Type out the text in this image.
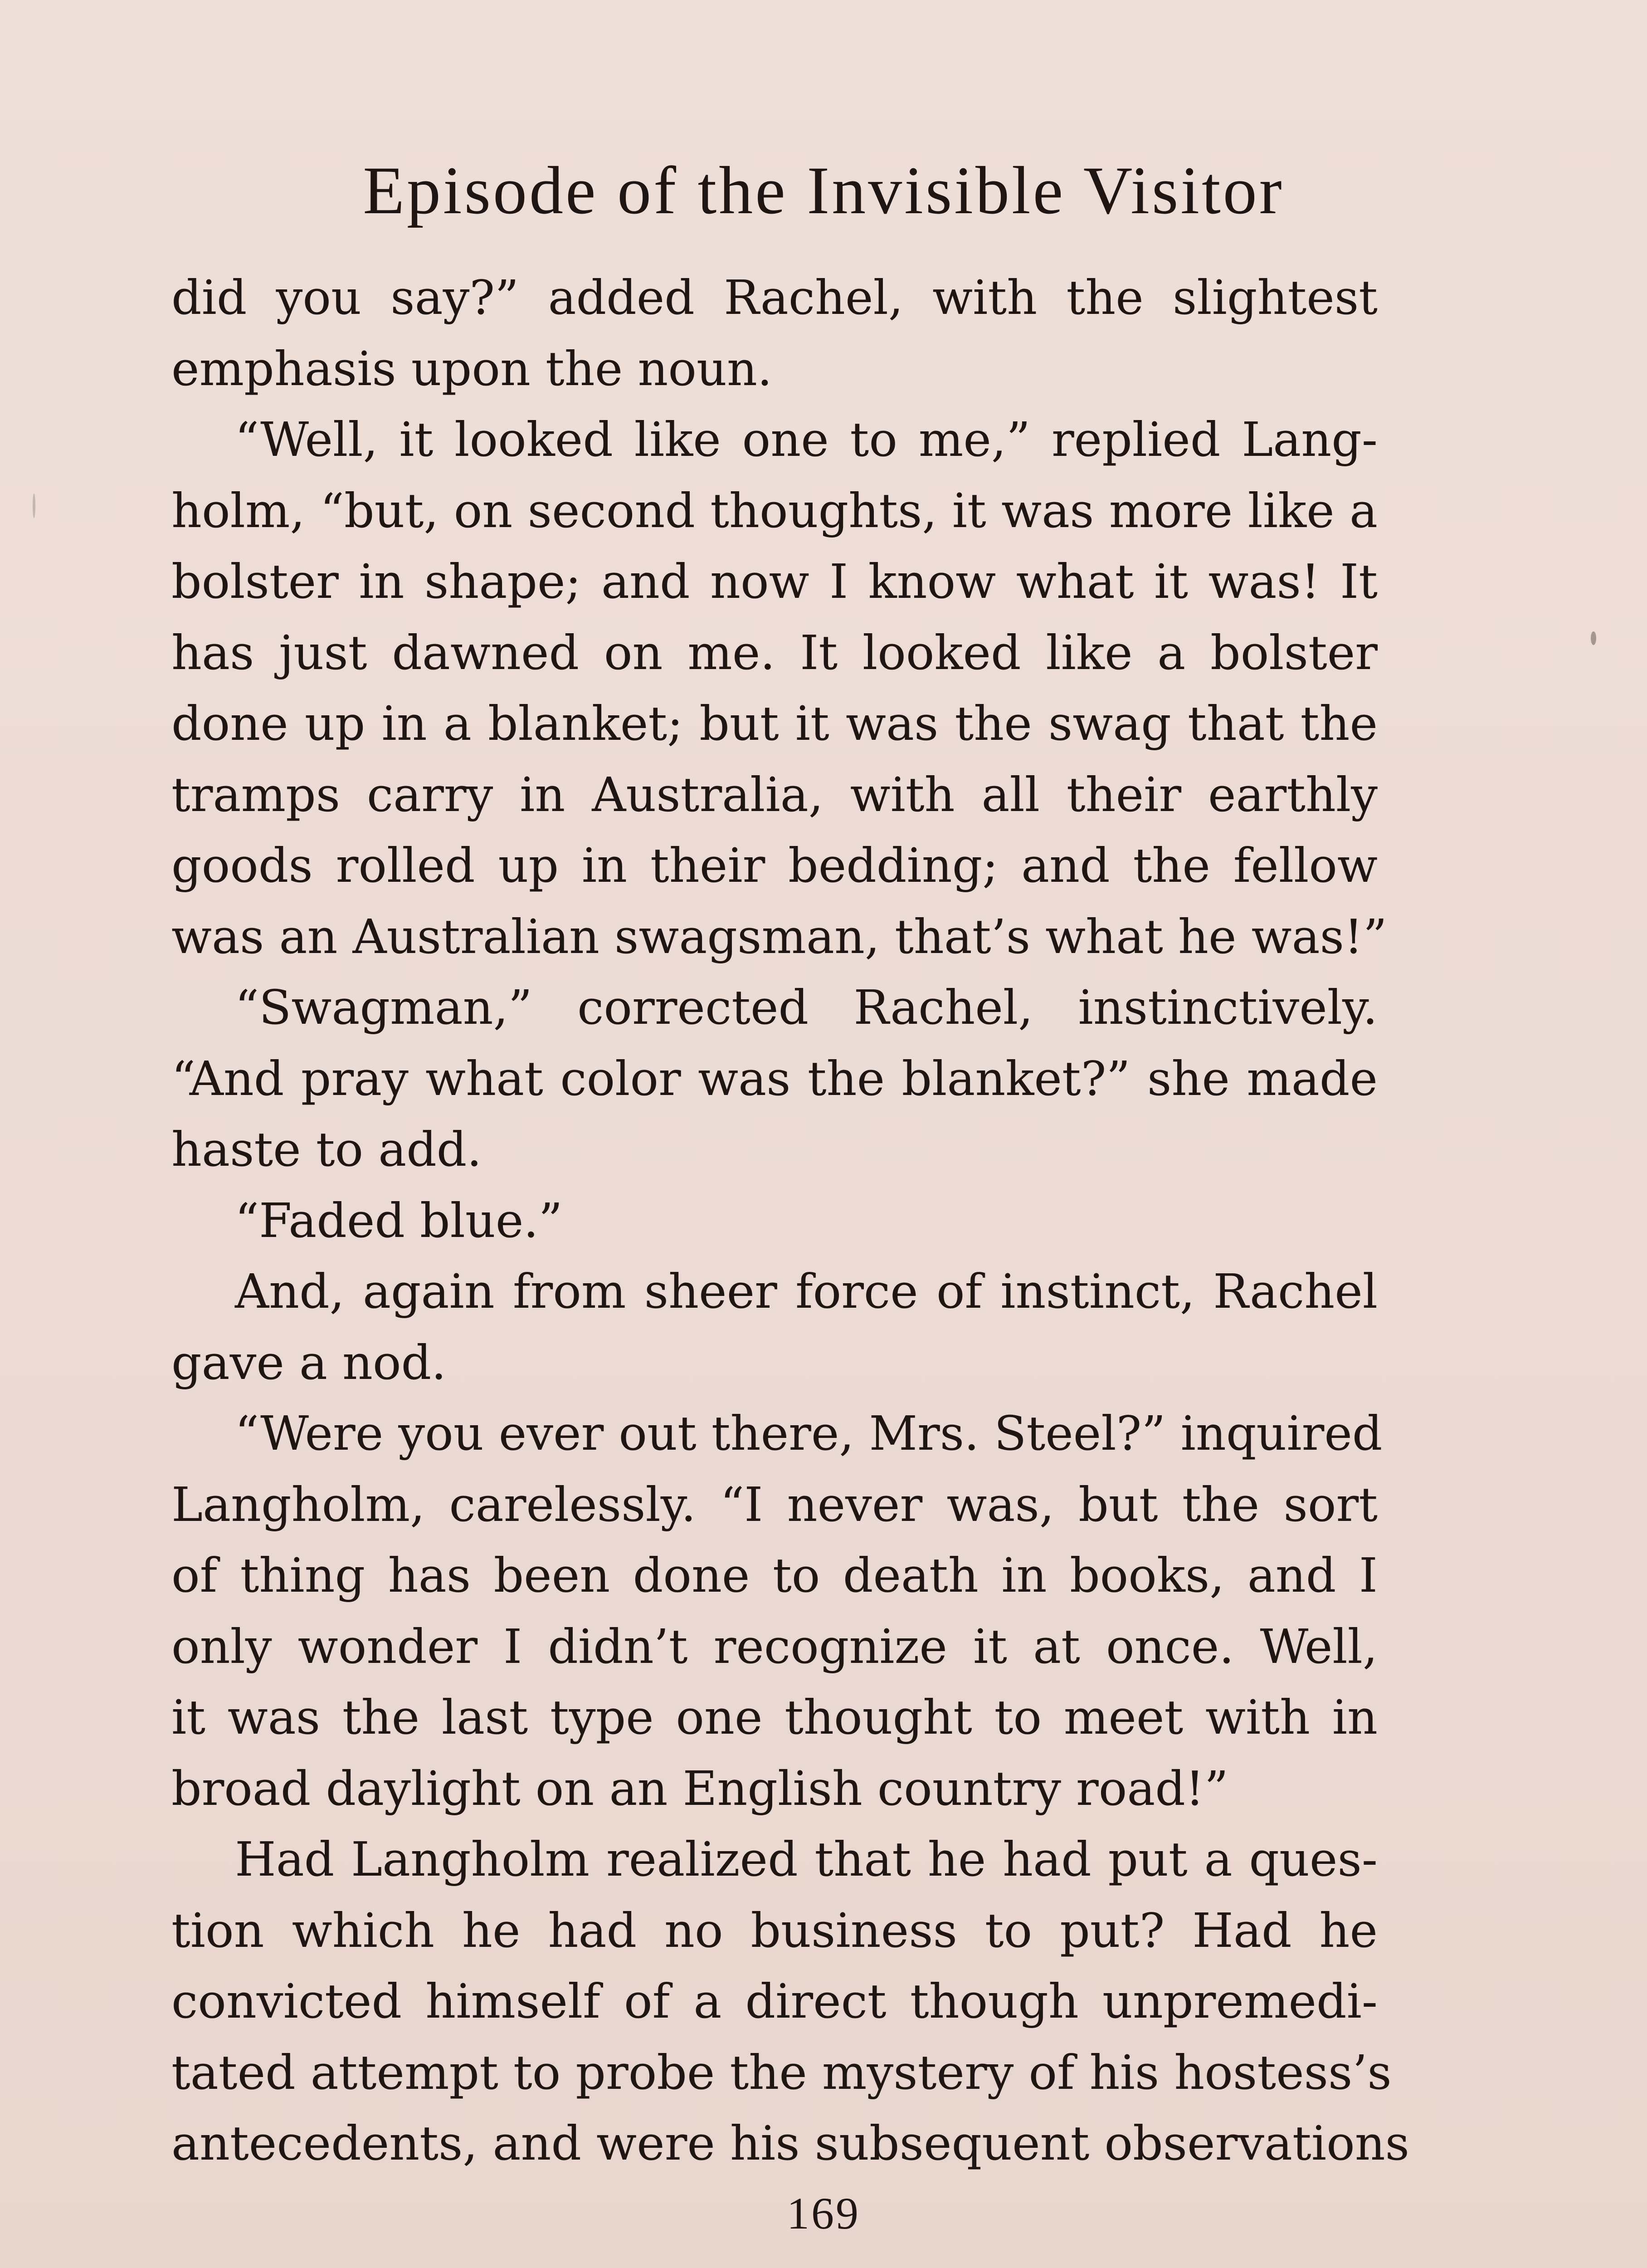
Episode of the Invisible Visitor
did you say?” added Rachel, with the slightest
emphasis upon the noun.
“Well, it looked like one to me,” replied Lang-
holm, “but, on second thoughts, it was more like a
bolster in shape; and now I know what it was! It
has just dawned on me. It looked like a bolster
done up in a blanket; but it was the swag that the
tramps carry in Australia, with all their earthly
goods rolled up in their bedding; and the fellow
was an Australian swagsman, that’s what he was!”
“Swagman,” corrected Rachel, instinctively.
“And pray what color was the blanket?” she made
haste to add.
“Faded blue.”
And, again from sheer force of instinct, Rachel
gave a nod.
“Were you ever out there, Mrs. Steel?” inquired
Langholm, carelessly. “I never was, but the sort
of thing has been done to death in books, and I
only wonder I didn’t recognize it at once. Well,
it was the last type one thought to meet with in
broad daylight on an English country road!”
Had Langholm realized that he had put a ques-
tion which he had no business to put? Had he
convicted himself of a direct though unpremedi-
tated attempt to probe the mystery of his hostess’s
antecedents, and were his subsequent observations
169
